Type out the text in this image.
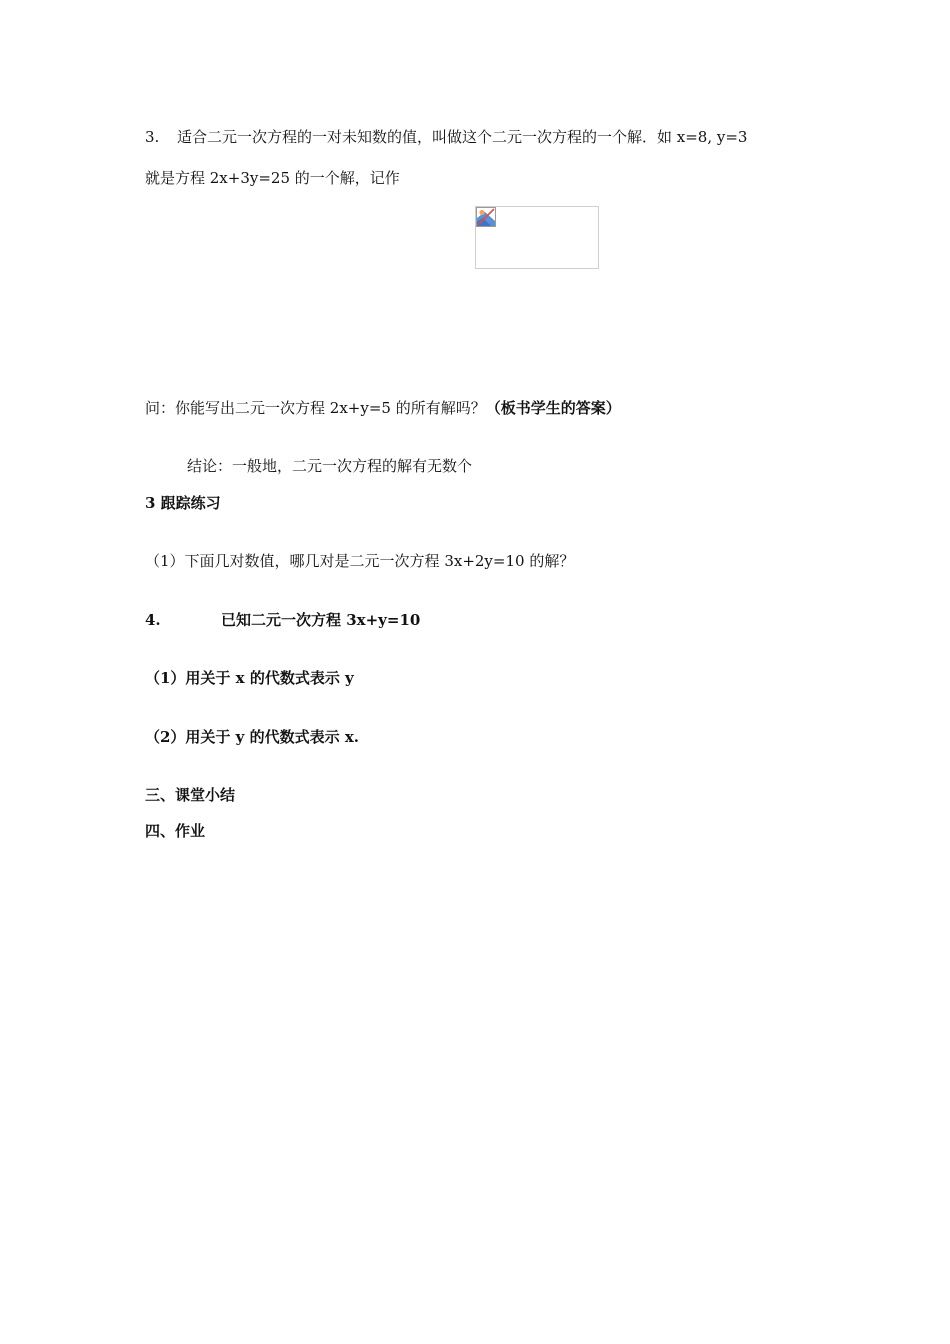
3. 适合二元一次方程的一对未知数的值，叫做这个二元一次方程的一个解．如 x=8, y=3
就是方程 2x+3y=25 的一个解，记作
问：你能写出二元一次方程 2x+y=5 的所有解吗？（板书学生的答案）
结论：一般地，二元一次方程的解有无数个
3 跟踪练习
（1）下面几对数值，哪几对是二元一次方程 3x+2y=10 的解？
4.	已知二元一次方程 3x+y=10
（1）用关于 x 的代数式表示 y
（2）用关于 y 的代数式表示 x.
三、课堂小结
四、作业
